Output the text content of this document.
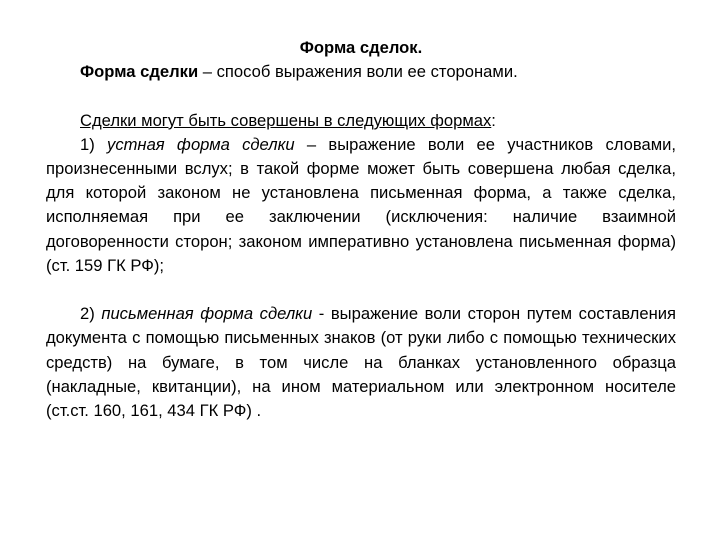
Форма сделок.

Форма сделки – способ выражения воли ее сторонами.

Сделки могут быть совершены в следующих формах:

1) устная форма сделки – выражение воли ее участников словами, произнесенными вслух; в такой форме может быть совершена любая сделка, для которой законом не установлена письменная форма, а также сделка, исполняемая при ее заключении (исключения: наличие взаимной договоренности сторон; законом императивно установлена письменная форма) (ст. 159 ГК РФ);

2) письменная форма сделки - выражение воли сторон путем составления документа с помощью письменных знаков (от руки либо с помощью технических средств) на бумаге, в том числе на бланках установленного образца (накладные, квитанции), на ином материальном или электронном носителе (ст.ст. 160, 161, 434 ГК РФ) .
